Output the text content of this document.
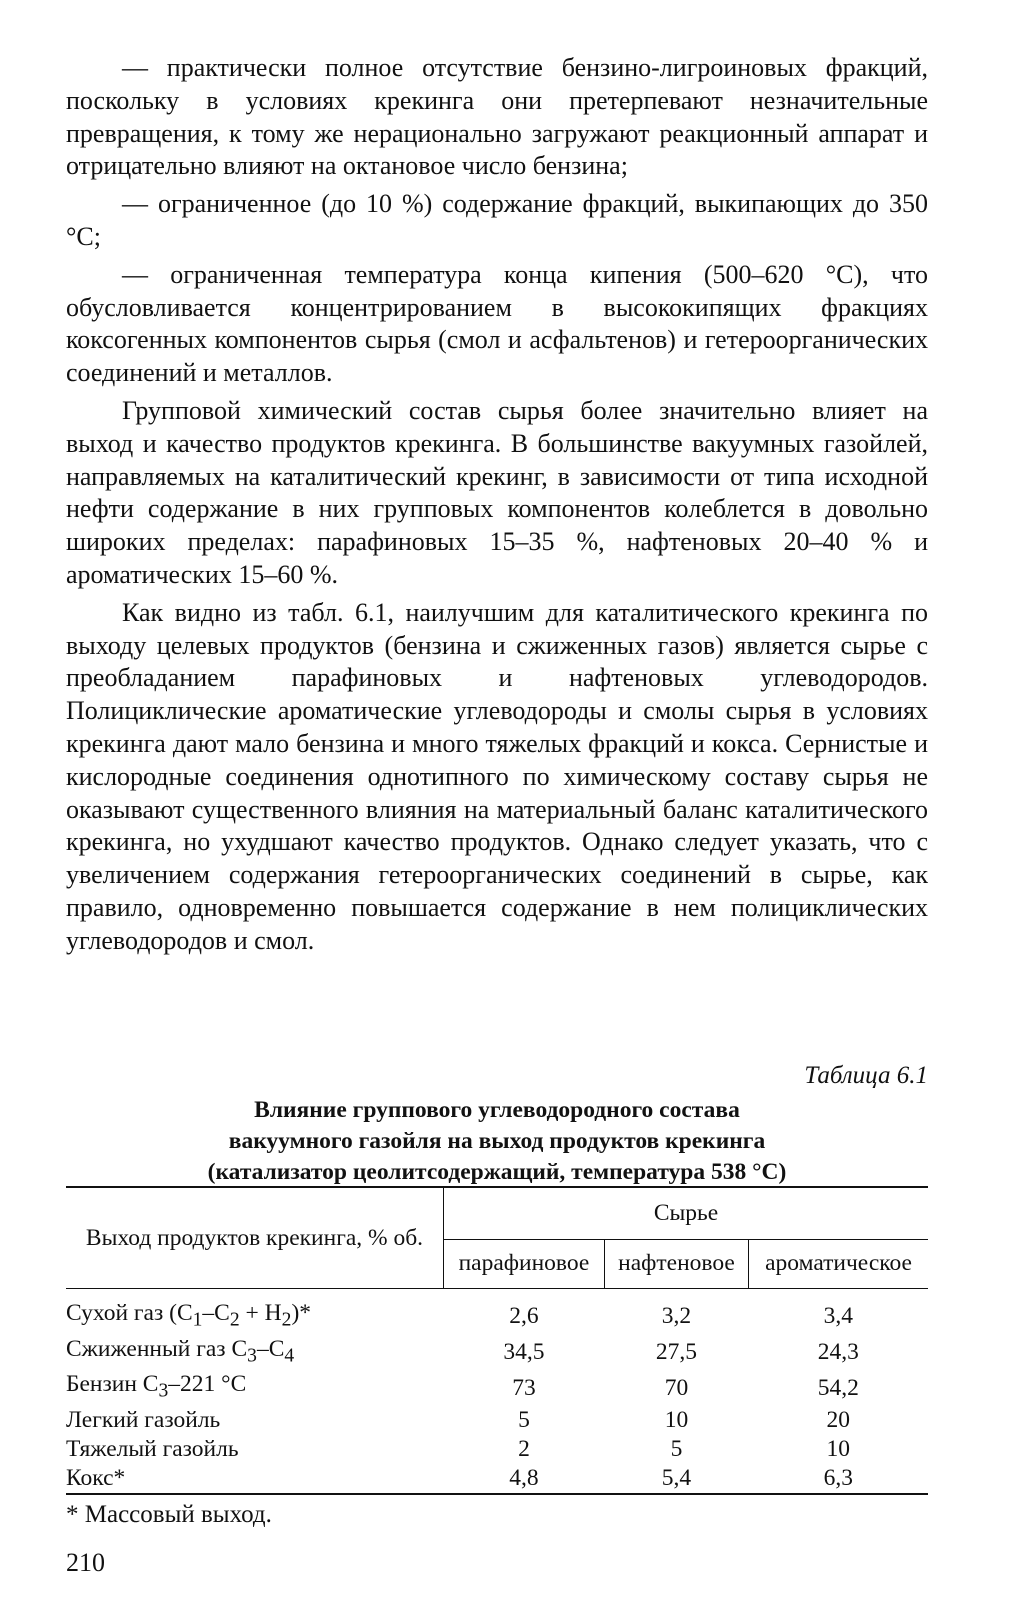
— практически полное отсутствие бензино-лигроиновых фракций, поскольку в условиях крекинга они претерпевают незначительные превращения, к тому же нерационально загружают реакционный аппарат и отрицательно влияют на октановое число бензина;

— ограниченное (до 10 %) содержание фракций, выкипающих до 350 °С;

— ограниченная температура конца кипения (500–620 °С), что обусловливается концентрированием в высококипящих фракциях коксогенных компонентов сырья (смол и асфальтенов) и гетероорганических соединений и металлов.

Групповой химический состав сырья более значительно влияет на выход и качество продуктов крекинга. В большинстве вакуумных газойлей, направляемых на каталитический крекинг, в зависимости от типа исходной нефти содержание в них групповых компонентов колеблется в довольно широких пределах: парафиновых 15–35 %, нафтеновых 20–40 % и ароматических 15–60 %.

Как видно из табл. 6.1, наилучшим для каталитического крекинга по выходу целевых продуктов (бензина и сжиженных газов) является сырье с преобладанием парафиновых и нафтеновых углеводородов. Полициклические ароматические углеводороды и смолы сырья в условиях крекинга дают мало бензина и много тяжелых фракций и кокса. Сернистые и кислородные соединения однотипного по химическому составу сырья не оказывают существенного влияния на материальный баланс каталитического крекинга, но ухудшают качество продуктов. Однако следует указать, что с увеличением содержания гетероорганических соединений в сырье, как правило, одновременно повышается содержание в нем полициклических углеводородов и смол.

Таблица 6.1
Влияние группового углеводородного состава
вакуумного газойля на выход продуктов крекинга
(катализатор цеолитсодержащий, температура 538 °С)
Выход продуктов крекинга, % об.	Сырье		
	парафиновое	нафтеновое	ароматическое
Сухой газ $(C_1-C_2 + H_2)*$	2,6	3,2	3,4
Сжиженный газ $C_3-C_4$	34,5	27,5	24,3
Бензин $C_3-221$ °С	73	70	54,2
Легкий газойль	5	10	20
Тяжелый газойль	2	5	10
Кокс*	4,8	5,4	6,3
* Массовый выход.
210
